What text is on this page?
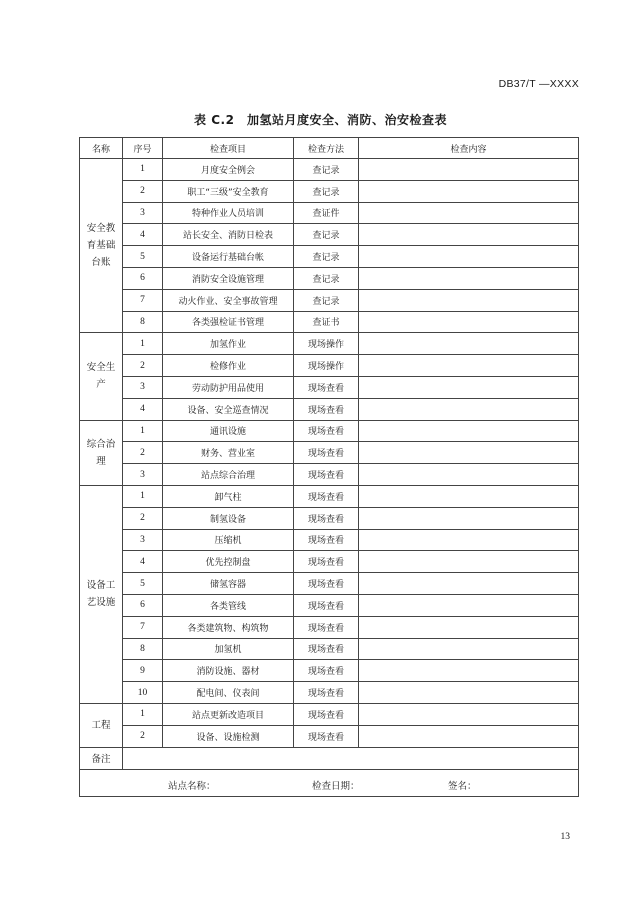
DB37/T —XXXX
表 C.2　加氢站月度安全、消防、治安检查表
名称	序号	检查项目	检查方法	检查内容
安全教育基础台账	1	月度安全例会	查记录	
	2	职工“三级”安全教育	查记录	
	3	特种作业人员培训	查证件	
	4	站长安全、消防日检表	查记录	
	5	设备运行基础台帐	查记录	
	6	消防安全设施管理	查记录	
	7	动火作业、安全事故管理	查记录	
	8	各类强检证书管理	查证书	
安全生产	1	加氢作业	现场操作	
	2	检修作业	现场操作	
	3	劳动防护用品使用	现场查看	
	4	设备、安全巡查情况	现场查看	
综合治理	1	通讯设施	现场查看	
	2	财务、营业室	现场查看	
	3	站点综合治理	现场查看	
设备工艺设施	1	卸气柱	现场查看	
	2	制氢设备	现场查看	
	3	压缩机	现场查看	
	4	优先控制盘	现场查看	
	5	储氢容器	现场查看	
	6	各类管线	现场查看	
	7	各类建筑物、构筑物	现场查看	
	8	加氢机	现场查看	
	9	消防设施、器材	现场查看	
	10	配电间、仪表间	现场查看	
工程	1	站点更新改造项目	现场查看	
	2	设备、设施检测	现场查看	
备注				

站点名称： 检查日期： 签名：				
13
